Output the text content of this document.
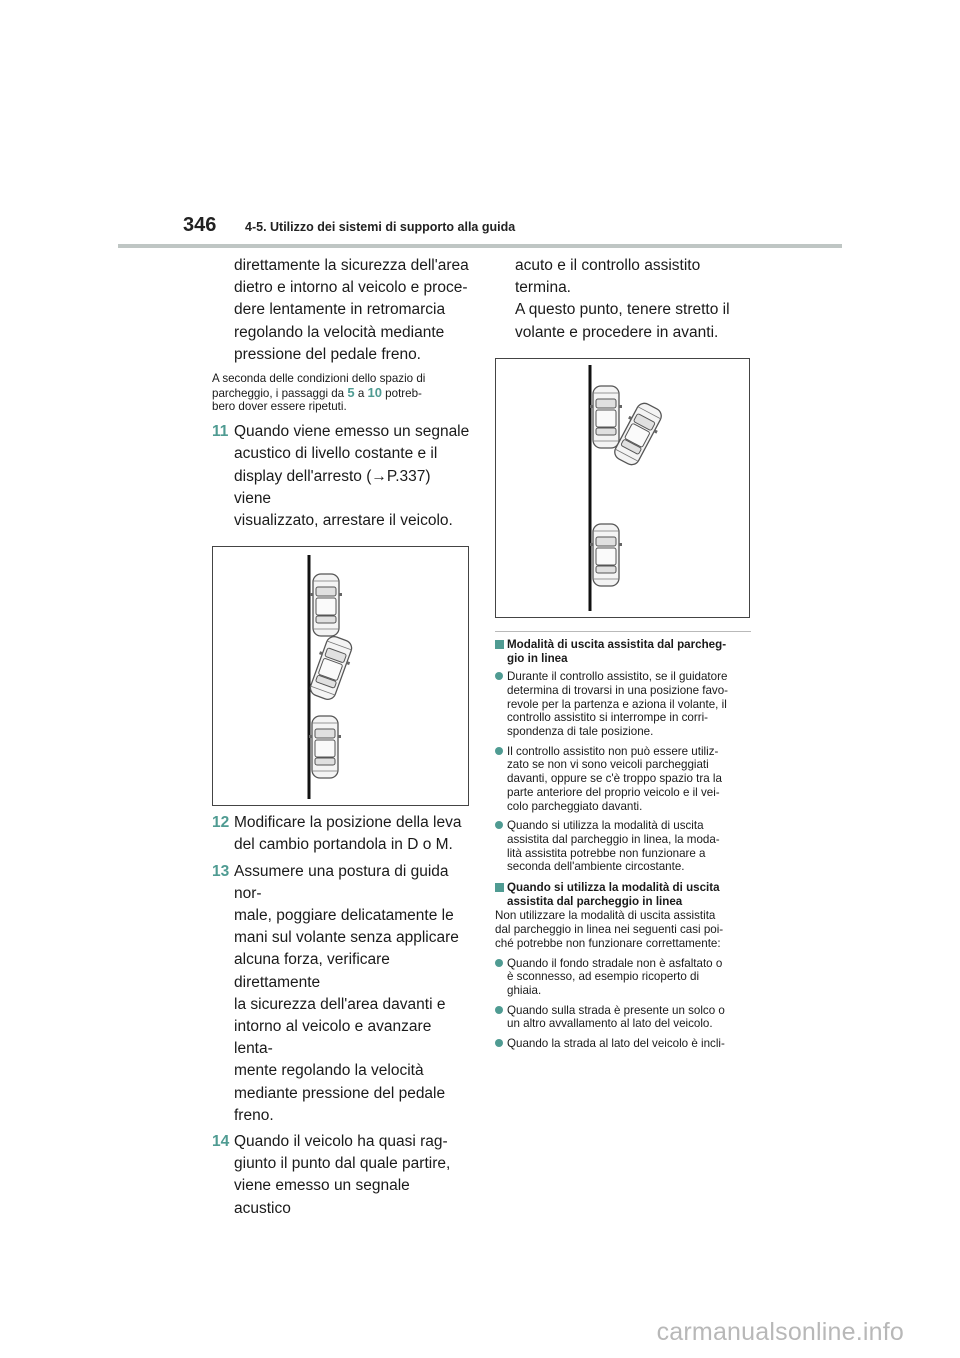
346 4-5. Utilizzo dei sistemi di supporto alla guida
direttamente la sicurezza dell'area
dietro e intorno al veicolo e proce-
dere lentamente in retromarcia
regolando la velocità mediante
pressione del pedale freno.
A seconda delle condizioni dello spazio di
parcheggio, i passaggi da 5 a 10 potreb-
bero dover essere ripetuti.
11 Quando viene emesso un segnale
acustico di livello costante e il
display dell'arresto (→P.337) viene
visualizzato, arrestare il veicolo.
12 Modificare la posizione della leva
del cambio portandola in D o M.
13 Assumere una postura di guida nor-
male, poggiare delicatamente le
mani sul volante senza applicare
alcuna forza, verificare direttamente
la sicurezza dell'area davanti e
intorno al veicolo e avanzare lenta-
mente regolando la velocità
mediante pressione del pedale
freno.
14 Quando il veicolo ha quasi rag-
giunto il punto dal quale partire,
viene emesso un segnale acustico
acuto e il controllo assistito termina.
A questo punto, tenere stretto il
volante e procedere in avanti.
Modalità di uscita assistita dal parcheg-
gio in linea
Durante il controllo assistito, se il guidatore
determina di trovarsi in una posizione favo-
revole per la partenza e aziona il volante, il
controllo assistito si interrompe in corri-
spondenza di tale posizione.
Il controllo assistito non può essere utiliz-
zato se non vi sono veicoli parcheggiati
davanti, oppure se c'è troppo spazio tra la
parte anteriore del proprio veicolo e il vei-
colo parcheggiato davanti.
Quando si utilizza la modalità di uscita
assistita dal parcheggio in linea, la moda-
lità assistita potrebbe non funzionare a
seconda dell'ambiente circostante.
Quando si utilizza la modalità di uscita
assistita dal parcheggio in linea
Non utilizzare la modalità di uscita assistita
dal parcheggio in linea nei seguenti casi poi-
ché potrebbe non funzionare correttamente:
Quando il fondo stradale non è asfaltato o
è sconnesso, ad esempio ricoperto di
ghiaia.
Quando sulla strada è presente un solco o
un altro avvallamento al lato del veicolo.
Quando la strada al lato del veicolo è incli-
carmanualsonline.info
